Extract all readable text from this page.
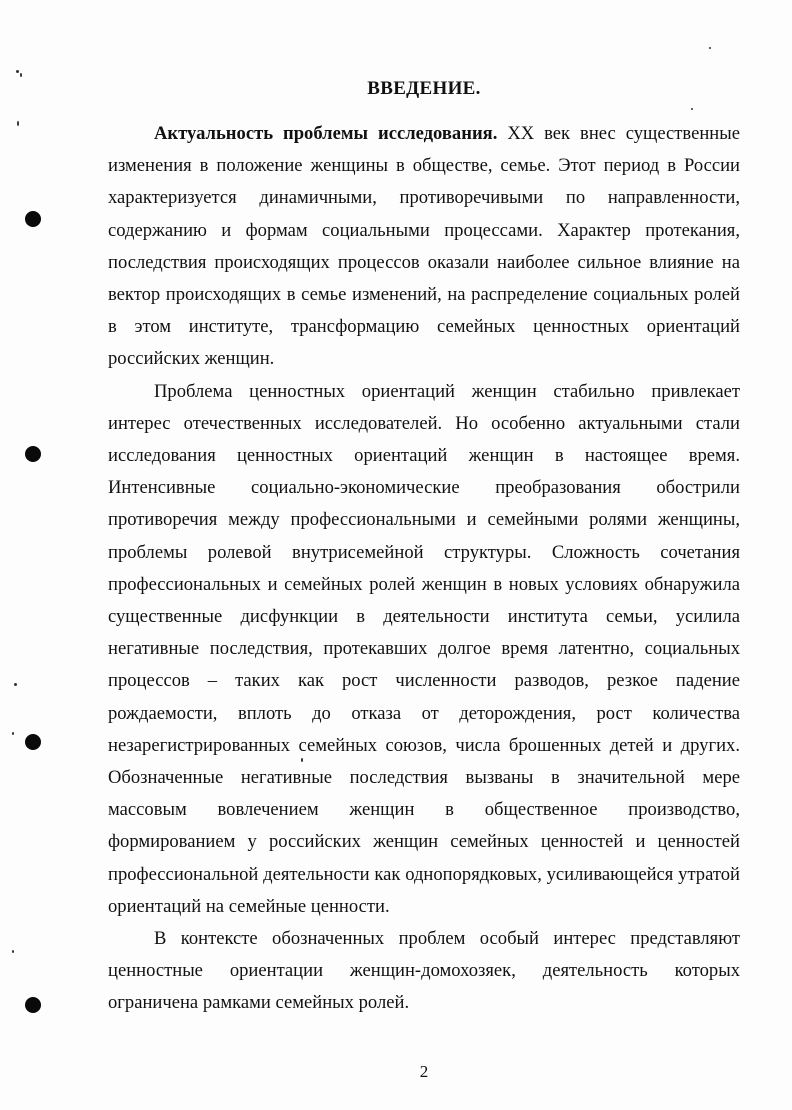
ВВЕДЕНИЕ.

Актуальность проблемы исследования. XX век внес существенные изменения в положение женщины в обществе, семье. Этот период в России характеризуется динамичными, противоречивыми по направленности, содержанию и формам социальными процессами. Характер протекания, последствия происходящих процессов оказали наиболее сильное влияние на вектор происходящих в семье изменений, на распределение социальных ролей в этом институте, трансформацию семейных ценностных ориентаций российских женщин.

Проблема ценностных ориентаций женщин стабильно привлекает интерес отечественных исследователей. Но особенно актуальными стали исследования ценностных ориентаций женщин в настоящее время. Интенсивные социально-экономические преобразования обострили противоречия между профессиональными и семейными ролями женщины, проблемы ролевой внутрисемейной структуры. Сложность сочетания профессиональных и семейных ролей женщин в новых условиях обнаружила существенные дисфункции в деятельности института семьи, усилила негативные последствия, протекавших долгое время латентно, социальных процессов – таких как рост численности разводов, резкое падение рождаемости, вплоть до отказа от деторождения, рост количества незарегистрированных семейных союзов, числа брошенных детей и других. Обозначенные негативные последствия вызваны в значительной мере массовым вовлечением женщин в общественное производство, формированием у российских женщин семейных ценностей и ценностей профессиональной деятельности как однопорядковых, усиливающейся утратой ориентаций на семейные ценности.

В контексте обозначенных проблем особый интерес представляют ценностные ориентации женщин-домохозяек, деятельность которых ограничена рамками семейных ролей.

2
